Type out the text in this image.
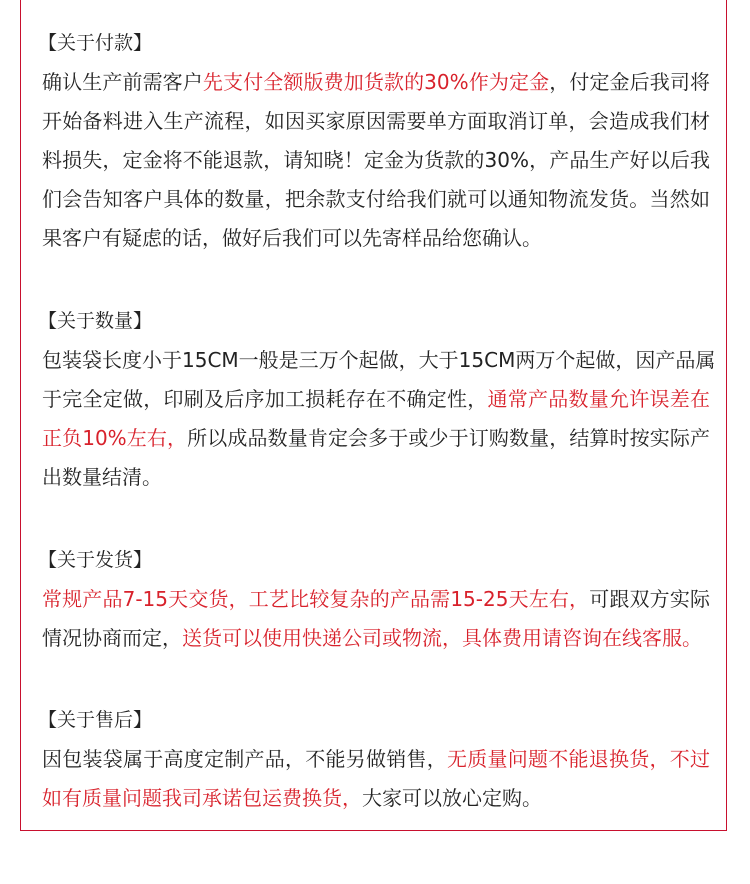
【关于付款】
确认生产前需客户先支付全额版费加货款的30%作为定金，付定金后我司将
开始备料进入生产流程，如因买家原因需要单方面取消订单，会造成我们材
料损失，定金将不能退款，请知晓！定金为货款的30%，产品生产好以后我
们会告知客户具体的数量，把余款支付给我们就可以通知物流发货。当然如
果客户有疑虑的话，做好后我们可以先寄样品给您确认。
【关于数量】
包装袋长度小于15CM一般是三万个起做，大于15CM两万个起做，因产品属
于完全定做，印刷及后序加工损耗存在不确定性，通常产品数量允许误差在
正负10%左右，所以成品数量肯定会多于或少于订购数量，结算时按实际产
出数量结清。
【关于发货】
常规产品7-15天交货，工艺比较复杂的产品需15-25天左右，可跟双方实际
情况协商而定，送货可以使用快递公司或物流，具体费用请咨询在线客服。
【关于售后】
因包装袋属于高度定制产品，不能另做销售，无质量问题不能退换货，不过
如有质量问题我司承诺包运费换货，大家可以放心定购。
